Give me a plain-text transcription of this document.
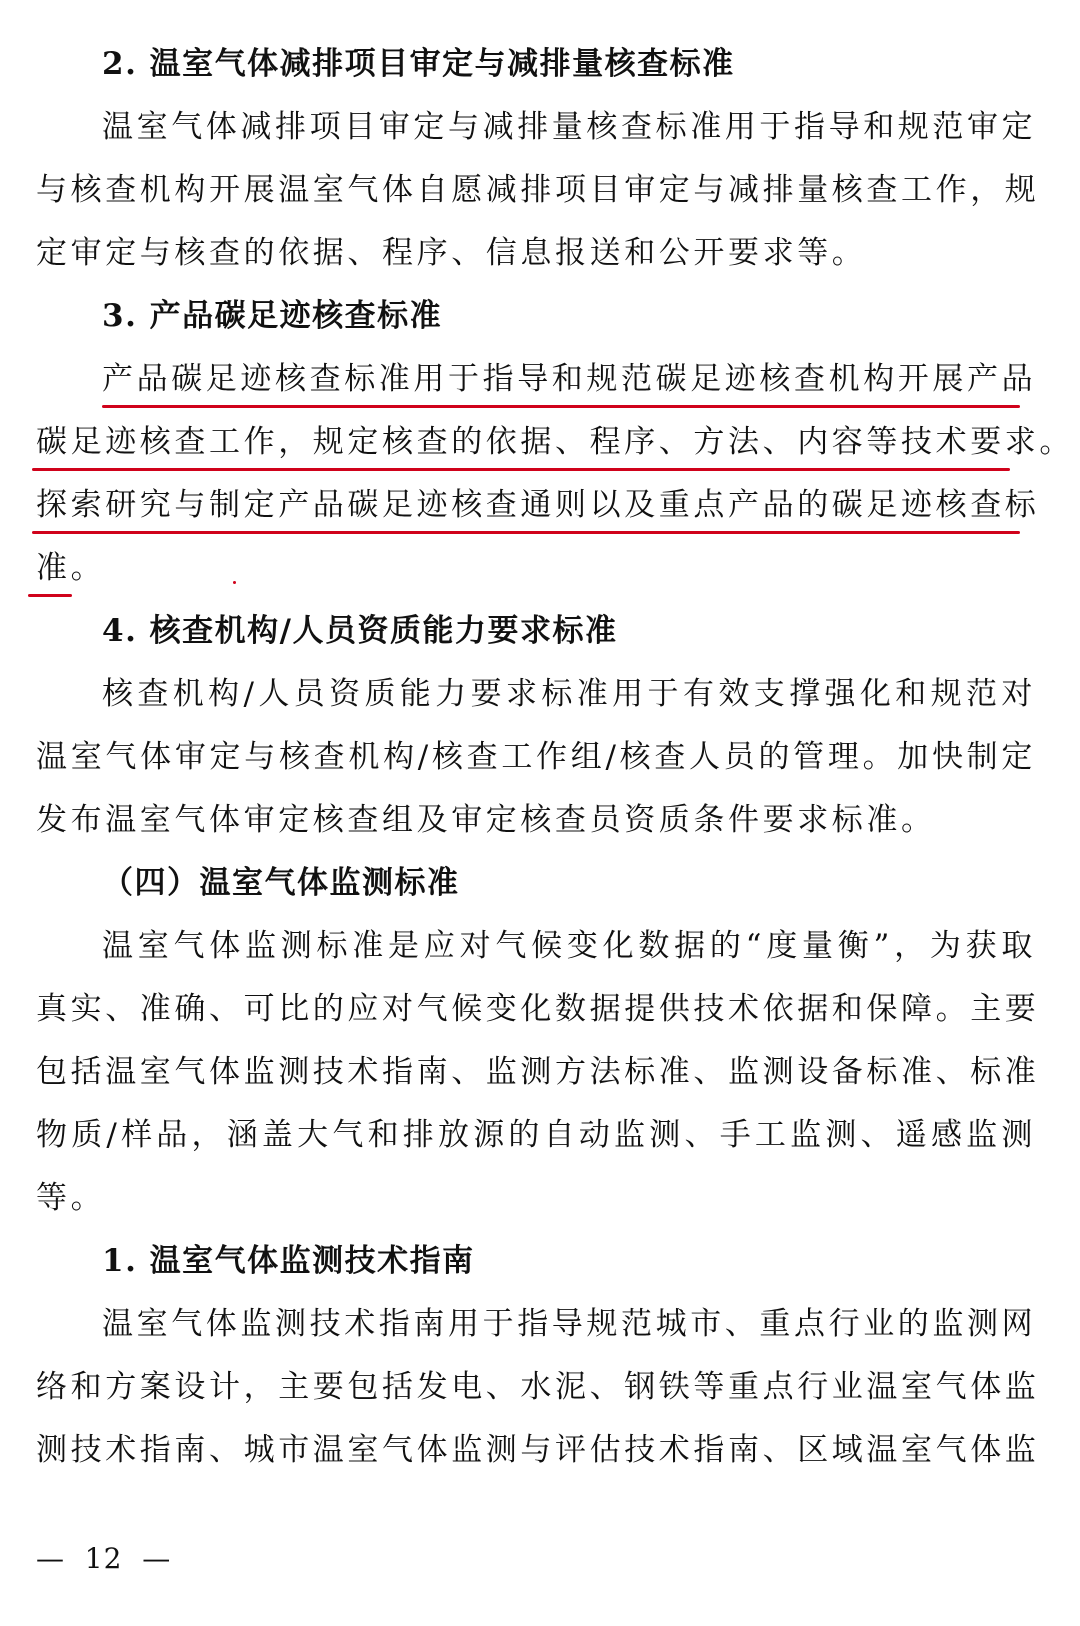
2. 温室气体减排项目审定与减排量核查标准
温室气体减排项目审定与减排量核查标准用于指导和规范审定
与核查机构开展温室气体自愿减排项目审定与减排量核查工作，规
定审定与核查的依据、程序、信息报送和公开要求等。
3. 产品碳足迹核查标准
产品碳足迹核查标准用于指导和规范碳足迹核查机构开展产品
碳足迹核查工作，规定核查的依据、程序、方法、内容等技术要求。
探索研究与制定产品碳足迹核查通则以及重点产品的碳足迹核查标
准。
4. 核查机构/人员资质能力要求标准
核查机构/人员资质能力要求标准用于有效支撑强化和规范对
温室气体审定与核查机构/核查工作组/核查人员的管理。加快制定
发布温室气体审定核查组及审定核查员资质条件要求标准。
（四）温室气体监测标准
温室气体监测标准是应对气候变化数据的“度量衡”，为获取
真实、准确、可比的应对气候变化数据提供技术依据和保障。主要
包括温室气体监测技术指南、监测方法标准、监测设备标准、标准
物质/样品，涵盖大气和排放源的自动监测、手工监测、遥感监测
等。
1. 温室气体监测技术指南
温室气体监测技术指南用于指导规范城市、重点行业的监测网
络和方案设计，主要包括发电、水泥、钢铁等重点行业温室气体监
测技术指南、城市温室气体监测与评估技术指南、区域温室气体监
—  12  —
